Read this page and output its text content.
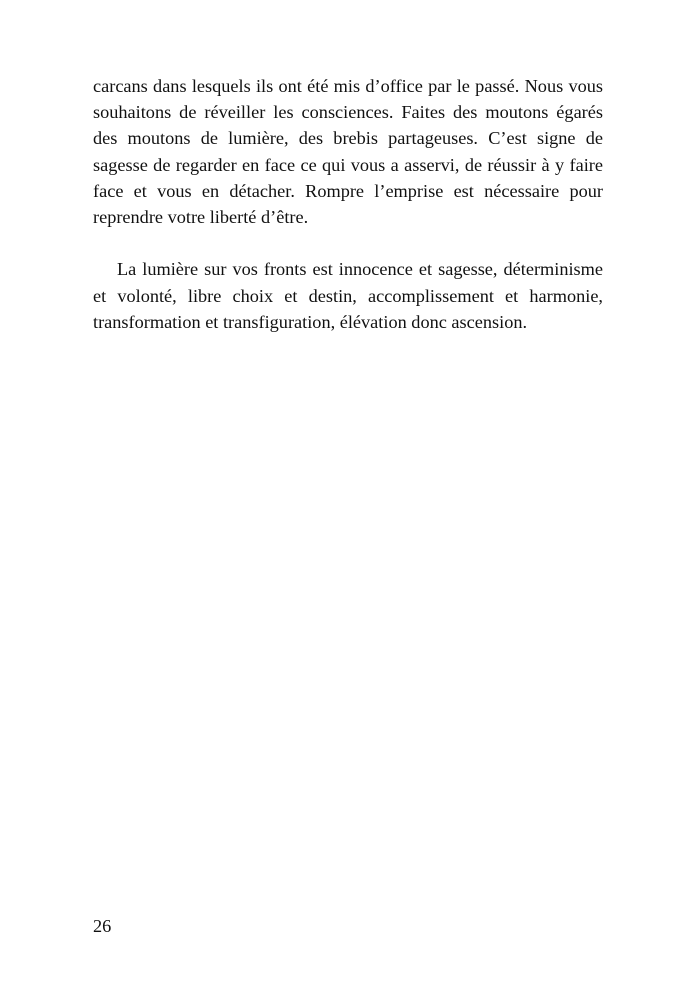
carcans dans lesquels ils ont été mis d’office par le passé. Nous vous souhaitons de réveiller les consciences. Faites des moutons égarés des moutons de lumière, des brebis partageuses. C’est signe de sagesse de regarder en face ce qui vous a asservi, de réussir à y faire face et vous en détacher. Rompre l’emprise est nécessaire pour reprendre votre liberté d’être.

La lumière sur vos fronts est innocence et sagesse, déterminisme et volonté, libre choix et destin, accomplissement et harmonie, transformation et transfiguration, élévation donc ascension.

26
